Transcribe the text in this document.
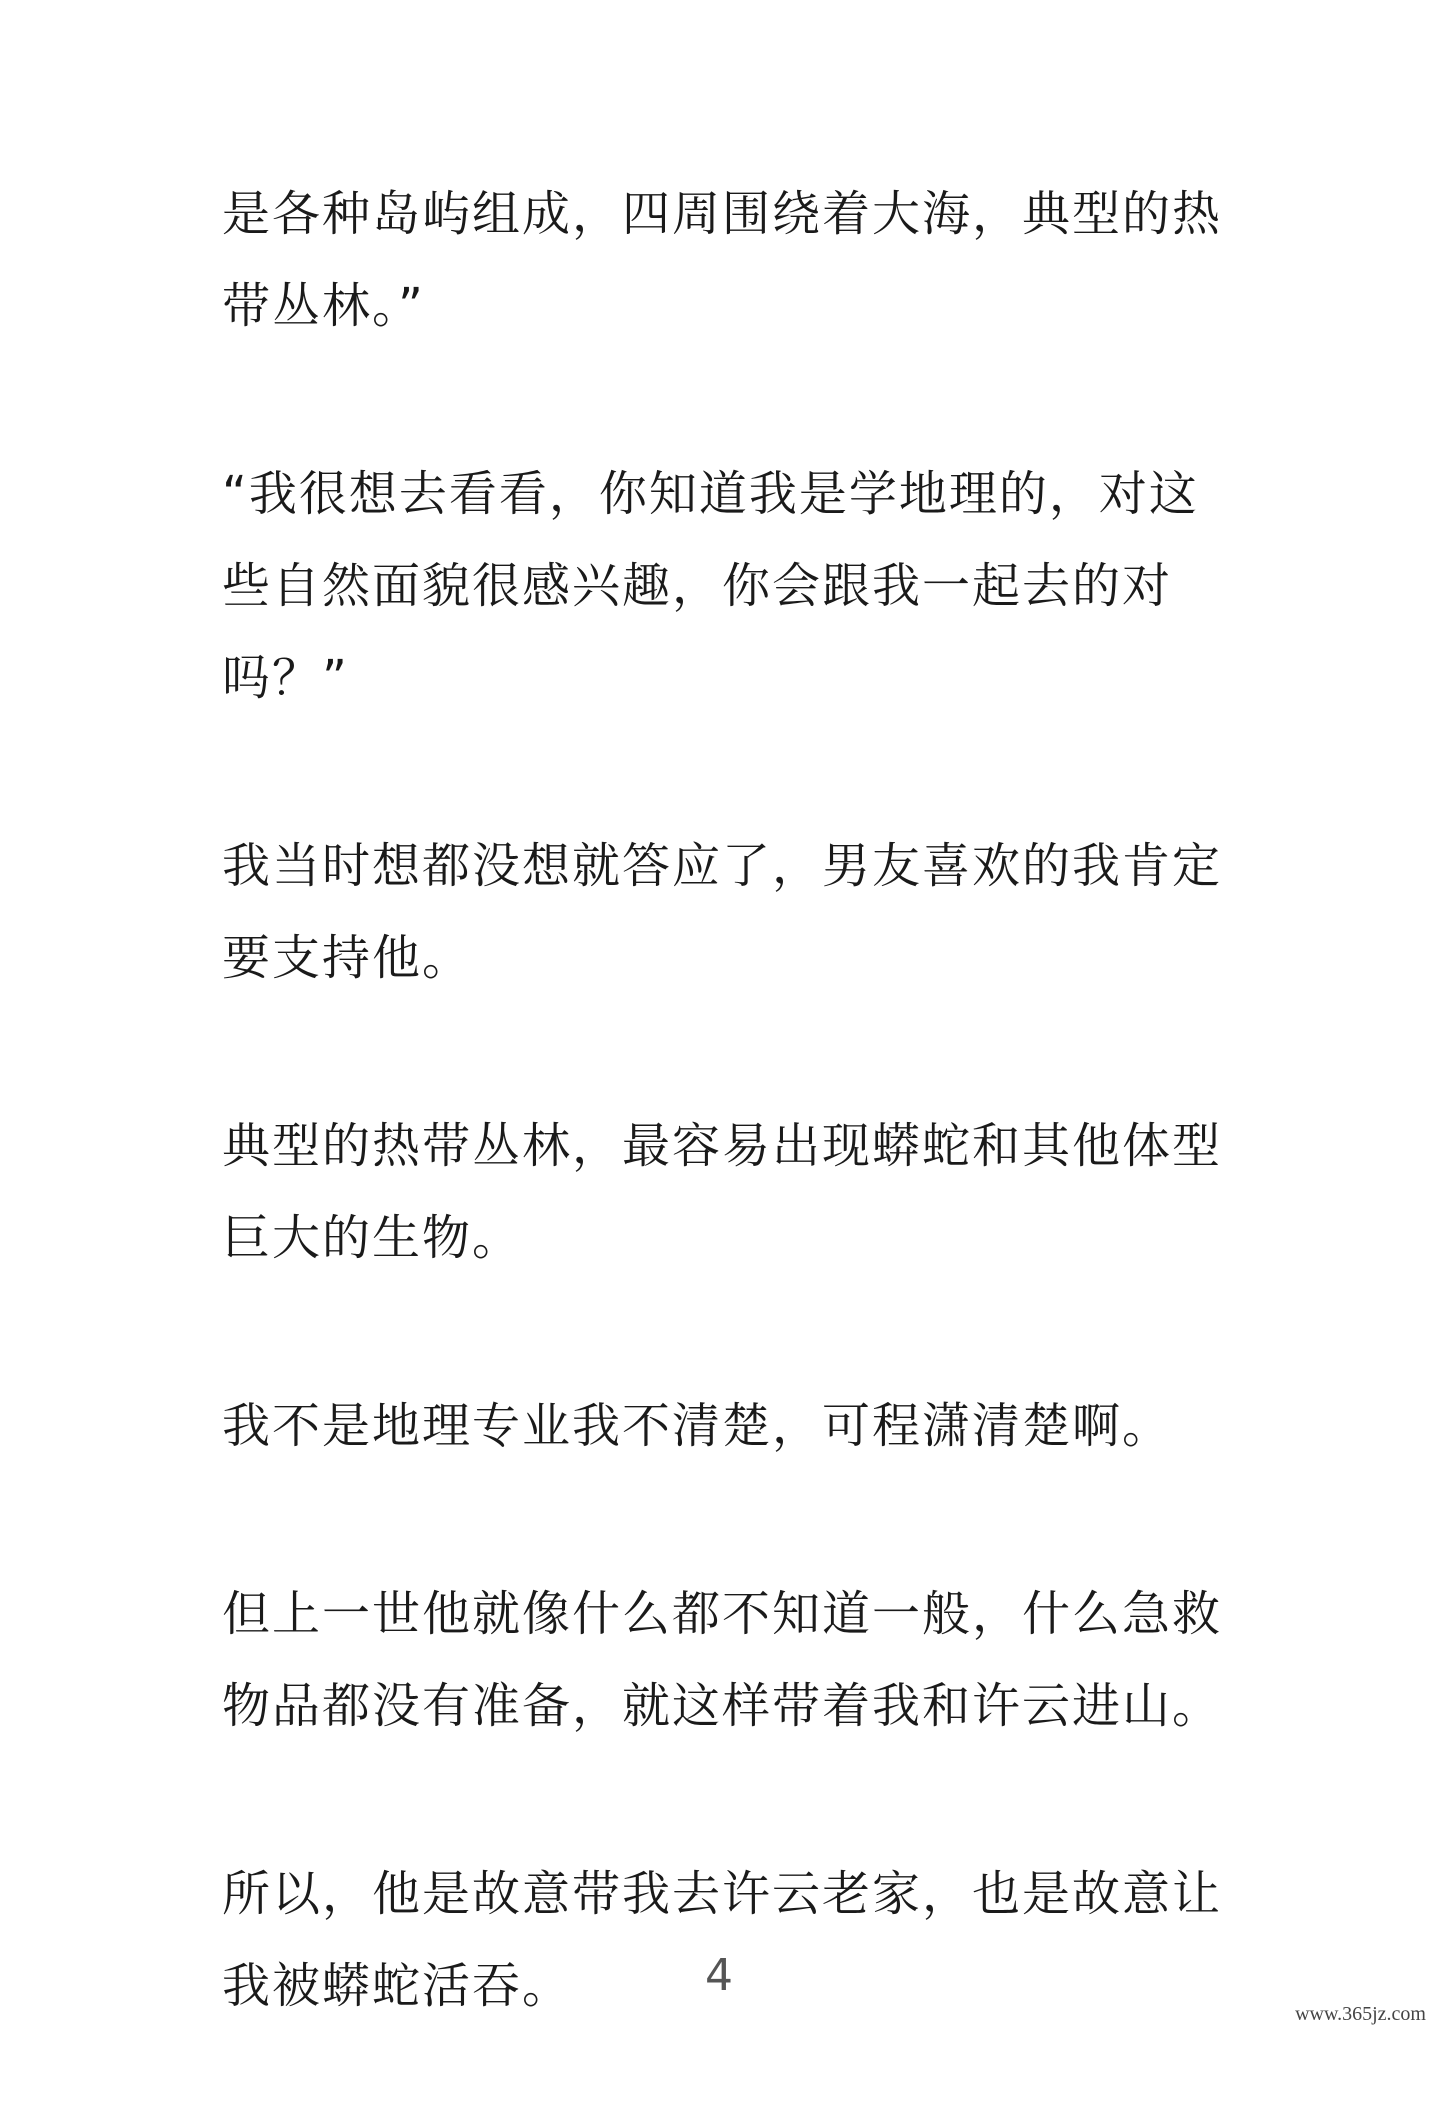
是各种岛屿组成，四周围绕着大海，典型的热带丛林。”

“我很想去看看，你知道我是学地理的，对这些自然面貌很感兴趣，你会跟我一起去的对吗？”

我当时想都没想就答应了，男友喜欢的我肯定要支持他。

典型的热带丛林，最容易出现蟒蛇和其他体型巨大的生物。

我不是地理专业我不清楚，可程潇清楚啊。

但上一世他就像什么都不知道一般，什么急救物品都没有准备，就这样带着我和许云进山。

所以，他是故意带我去许云老家，也是故意让我被蟒蛇活吞。	4
www.365jz.com
